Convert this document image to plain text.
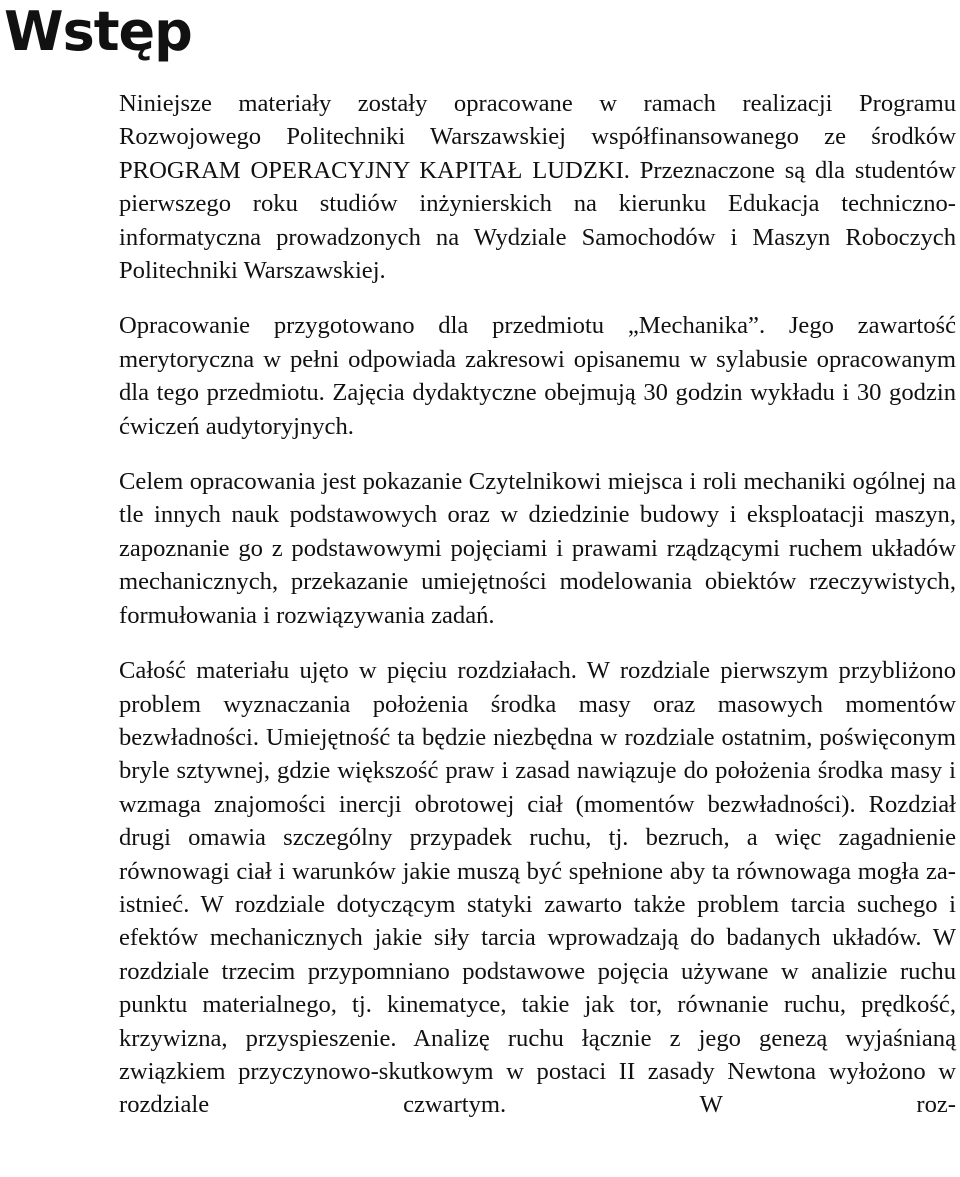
Wstęp

Niniejsze materiały zostały opracowane w ramach realizacji Programu Rozwojowego Politechniki Warszawskiej współfinansowanego ze środków PROGRAM OPERACYJNY KAPITAŁ LUDZKI. Przeznaczone są dla studentów pierwszego roku studiów inżynierskich na kierunku Edukacja techniczno-informatyczna prowadzonych na Wydziale Samochodów i Maszyn Roboczych Politechniki Warszawskiej.

Opracowanie przygotowano dla przedmiotu „Mechanika”. Jego zawartość merytoryczna w pełni odpowiada zakresowi opisanemu w sylabusie opracowanym dla tego przedmiotu. Zajęcia dydaktyczne obejmują 30 godzin wykładu i 30 godzin ćwiczeń audytoryjnych.

Celem opracowania jest pokazanie Czytelnikowi miejsca i roli mechaniki ogólnej na tle innych nauk podstawowych oraz w dziedzinie budowy i eksploatacji maszyn, zapoznanie go z podstawowymi pojęciami i prawami rządzącymi ruchem układów mechanicznych, przekazanie umiejętności modelowania obiektów rzeczywistych, formułowania i rozwiązywania zadań.

Całość materiału ujęto w pięciu rozdziałach. W rozdziale pierwszym przybliżono problem wyznaczania położenia środka masy oraz masowych momentów bezwładności. Umiejętność ta będzie niezbędna w rozdziale ostatnim, poświęconym bryle sztywnej, gdzie większość praw i zasad nawiązuje do położenia środka masy i wzmaga znajomości inercji obrotowej ciał (momentów bezwładności). Rozdział drugi omawia szczególny przypadek ruchu, tj. bezruch, a więc zagadnienie równowagi ciał i warunków jakie muszą być spełnione aby ta równowaga mogła zaistnieć. W rozdziale dotyczącym statyki zawarto także problem tarcia suchego i efektów mechanicznych jakie siły tarcia wprowadzają do badanych układów. W rozdziale trzecim przypomniano podstawowe pojęcia używane w analizie ruchu punktu materialnego, tj. kinematyce, takie jak tor, równanie ruchu, prędkość, krzywizna, przyspieszenie. Analizę ruchu łącznie z jego genezą wyjaśnianą związkiem przyczynowo-skutkowym w postaci II zasady Newtona wyłożono w rozdziale czwartym. W roz-
